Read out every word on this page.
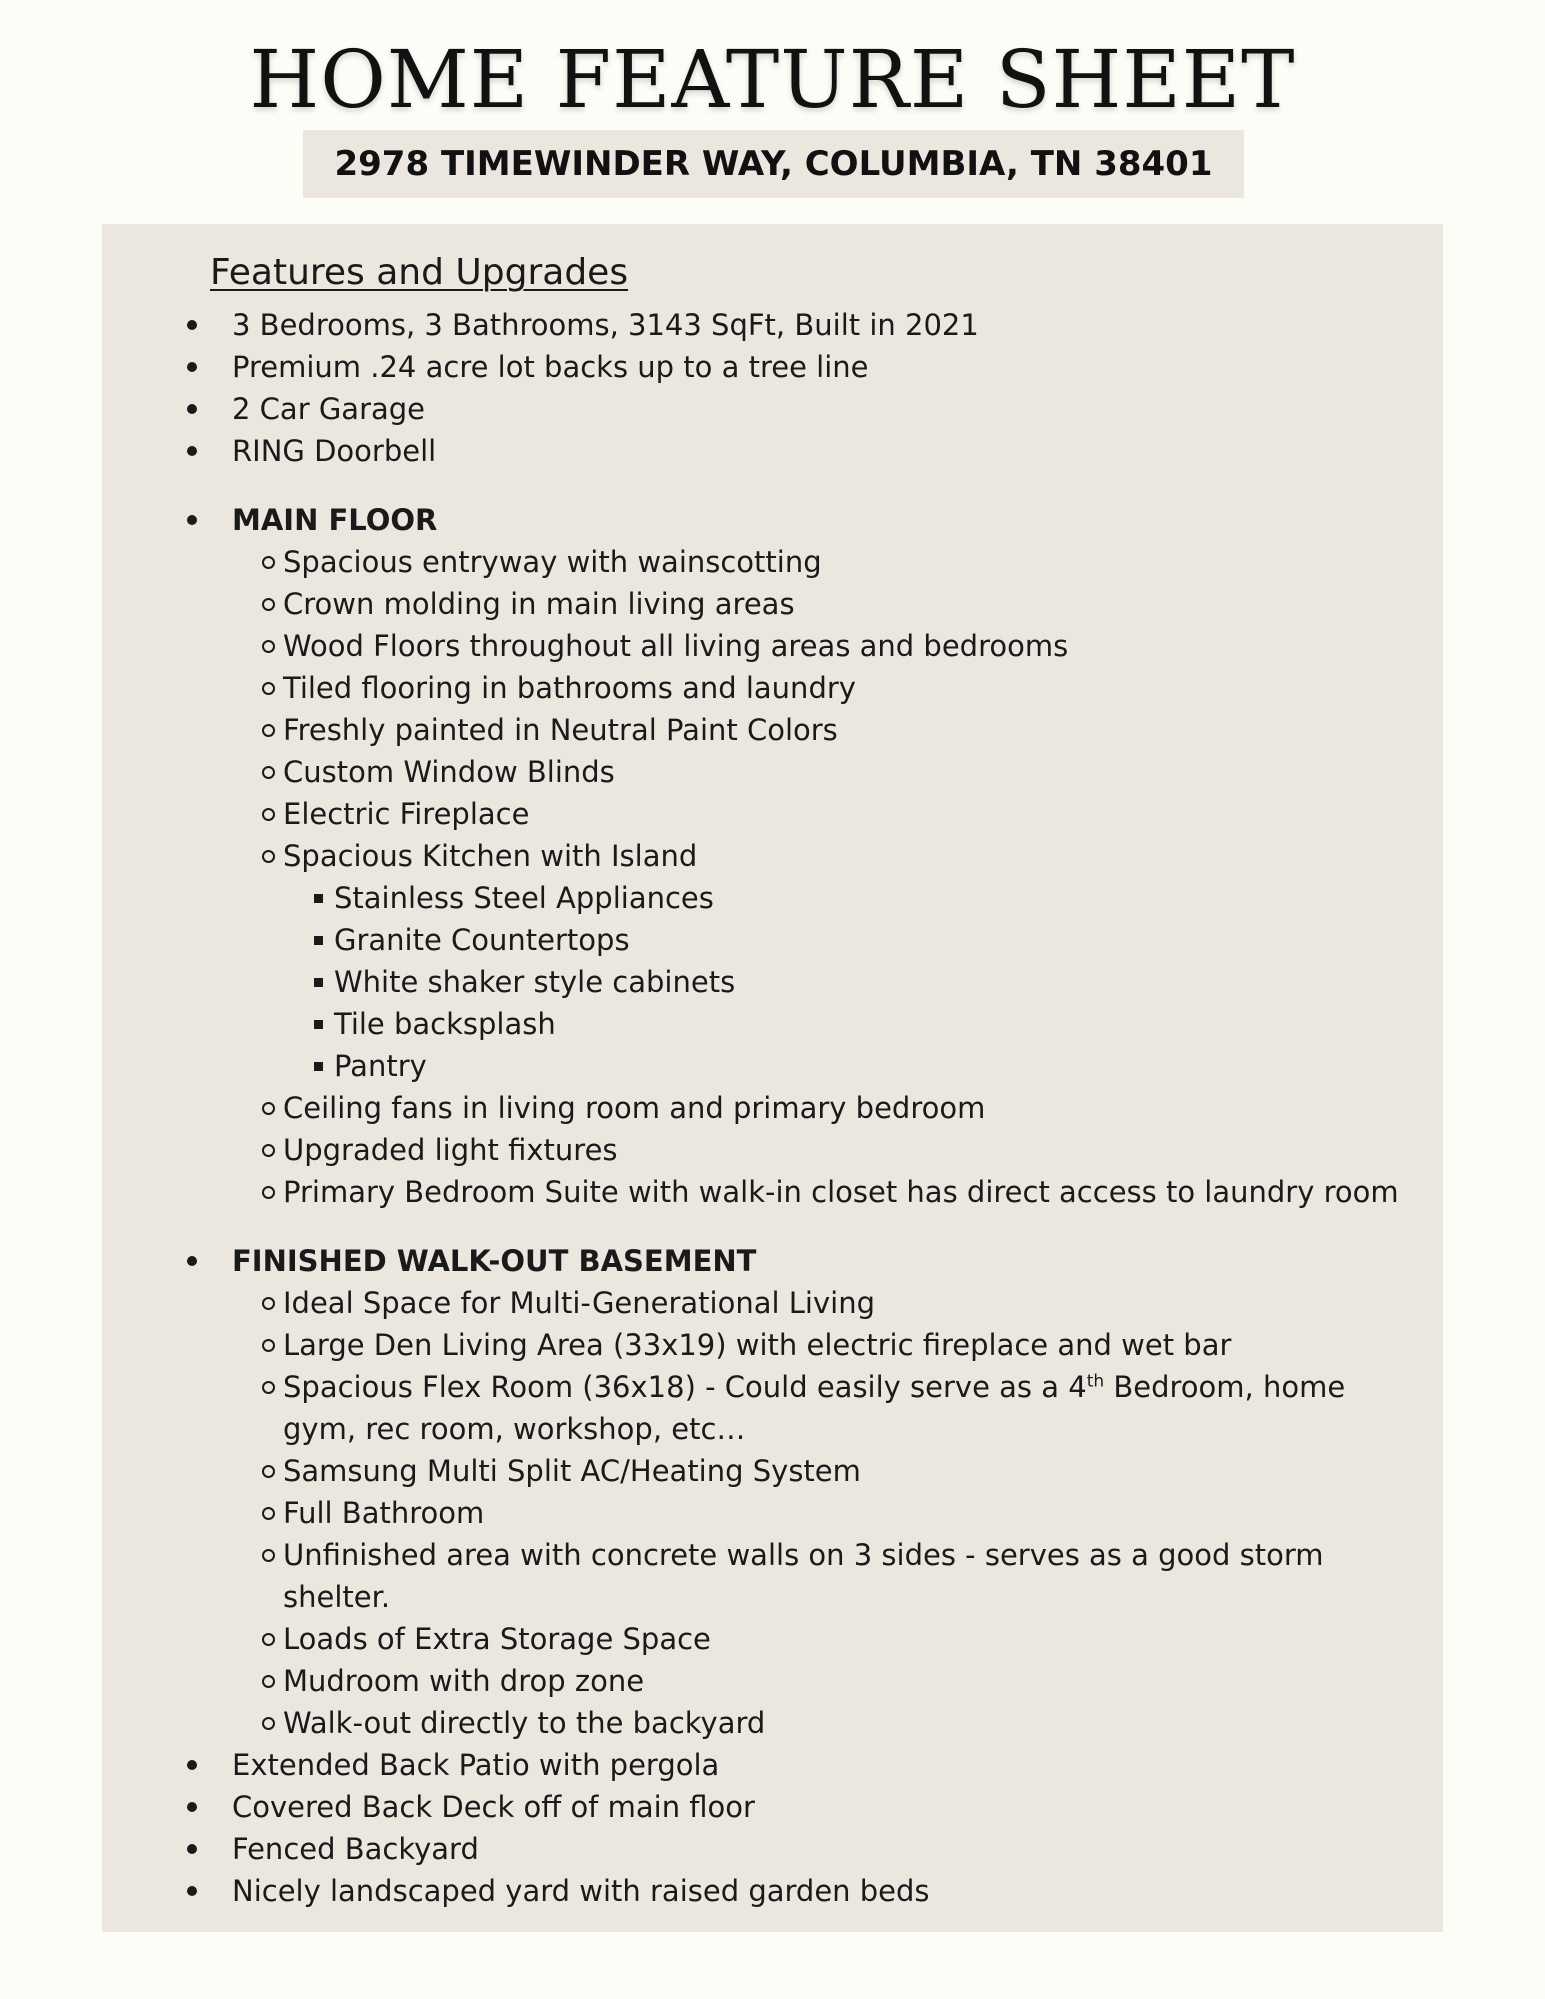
HOME FEATURE SHEET
2978 TIMEWINDER WAY, COLUMBIA, TN 38401
Features and Upgrades
3 Bedrooms, 3 Bathrooms, 3143 SqFt, Built in 2021
Premium .24 acre lot backs up to a tree line
2 Car Garage
RING Doorbell
MAIN FLOOR
Spacious entryway with wainscotting
Crown molding in main living areas
Wood Floors throughout all living areas and bedrooms
Tiled flooring in bathrooms and laundry
Freshly painted in Neutral Paint Colors
Custom Window Blinds
Electric Fireplace
Spacious Kitchen with Island
Stainless Steel Appliances
Granite Countertops
White shaker style cabinets
Tile backsplash
Pantry
Ceiling fans in living room and primary bedroom
Upgraded light fixtures
Primary Bedroom Suite with walk-in closet has direct access to laundry room
FINISHED WALK-OUT BASEMENT
Ideal Space for Multi-Generational Living
Large Den Living Area (33x19) with electric fireplace and wet bar
Spacious Flex Room (36x18) - Could easily serve as a 4th Bedroom, home gym, rec room, workshop, etc…
Samsung Multi Split AC/Heating System
Full Bathroom
Unfinished area with concrete walls on 3 sides - serves as a good storm shelter.
Loads of Extra Storage Space
Mudroom with drop zone
Walk-out directly to the backyard
Extended Back Patio with pergola
Covered Back Deck off of main floor
Fenced Backyard
Nicely landscaped yard with raised garden beds
